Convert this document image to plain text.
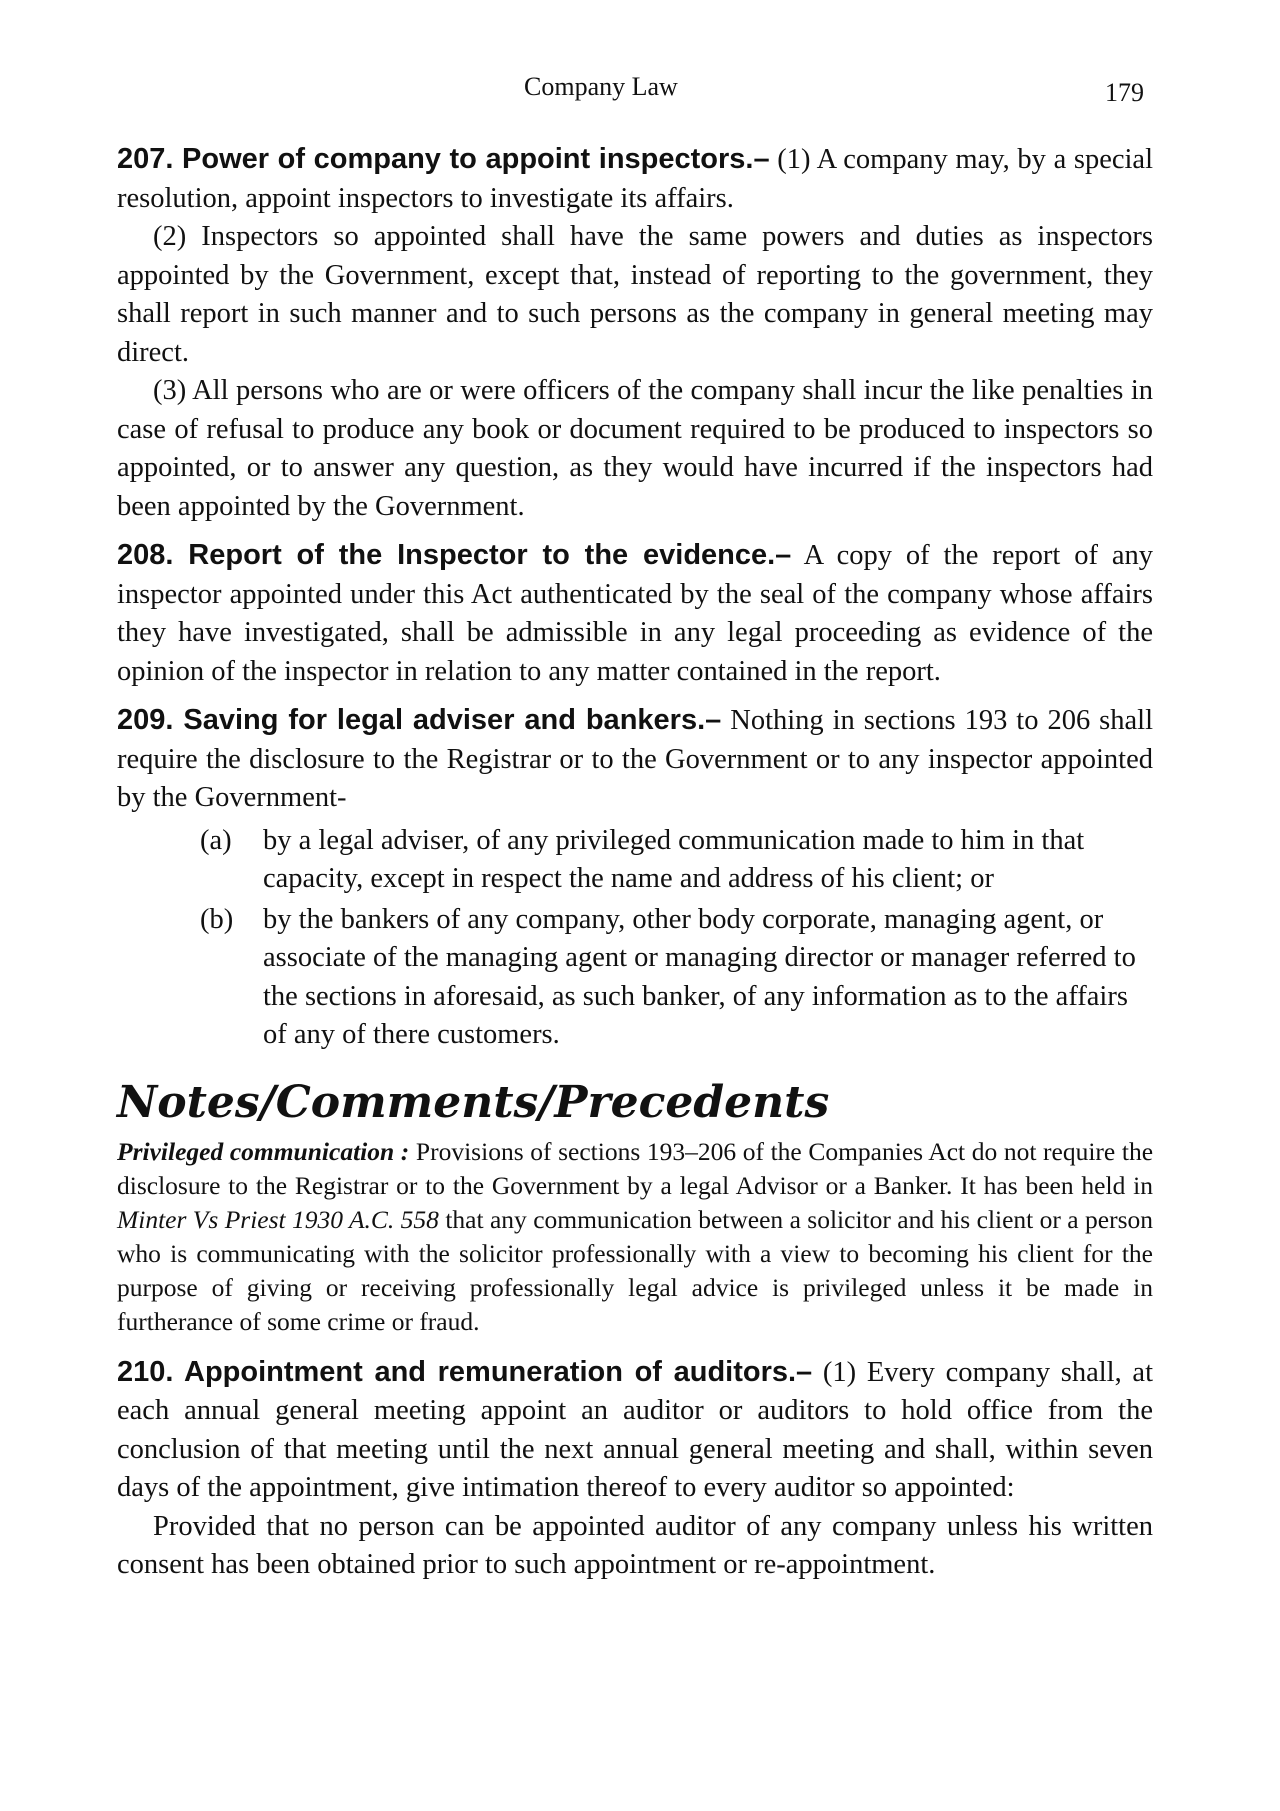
Company Law	179

207. Power of company to appoint inspectors.– (1) A company may, by a special resolution, appoint inspectors to investigate its affairs.

(2) Inspectors so appointed shall have the same powers and duties as inspectors appointed by the Government, except that, instead of reporting to the government, they shall report in such manner and to such persons as the company in general meeting may direct.

(3) All persons who are or were officers of the company shall incur the like penalties in case of refusal to produce any book or document required to be produced to inspectors so appointed, or to answer any question, as they would have incurred if the inspectors had been appointed by the Government.

208. Report of the Inspector to the evidence.– A copy of the report of any inspector appointed under this Act authenticated by the seal of the company whose affairs they have investigated, shall be admissible in any legal proceeding as evidence of the opinion of the inspector in relation to any matter contained in the report.

209. Saving for legal adviser and bankers.– Nothing in sections 193 to 206 shall require the disclosure to the Registrar or to the Government or to any inspector appointed by the Government-

(a)	by a legal adviser, of any privileged communication made to him in that capacity, except in respect the name and address of his client; or
(b)	by the bankers of any company, other body corporate, managing agent, or associate of the managing agent or managing director or manager referred to the sections in aforesaid, as such banker, of any information as to the affairs of any of there customers.
Notes/Comments/Precedents

Privileged communication : Provisions of sections 193–206 of the Companies Act do not require the disclosure to the Registrar or to the Government by a legal Advisor or a Banker. It has been held in Minter Vs Priest 1930 A.C. 558 that any communication between a solicitor and his client or a person who is communicating with the solicitor professionally with a view to becoming his client for the purpose of giving or receiving professionally legal advice is privileged unless it be made in furtherance of some crime or fraud.

210. Appointment and remuneration of auditors.– (1) Every company shall, at each annual general meeting appoint an auditor or auditors to hold office from the conclusion of that meeting until the next annual general meeting and shall, within seven days of the appointment, give intimation thereof to every auditor so appointed:

Provided that no person can be appointed auditor of any company unless his written consent has been obtained prior to such appointment or re-appointment.
